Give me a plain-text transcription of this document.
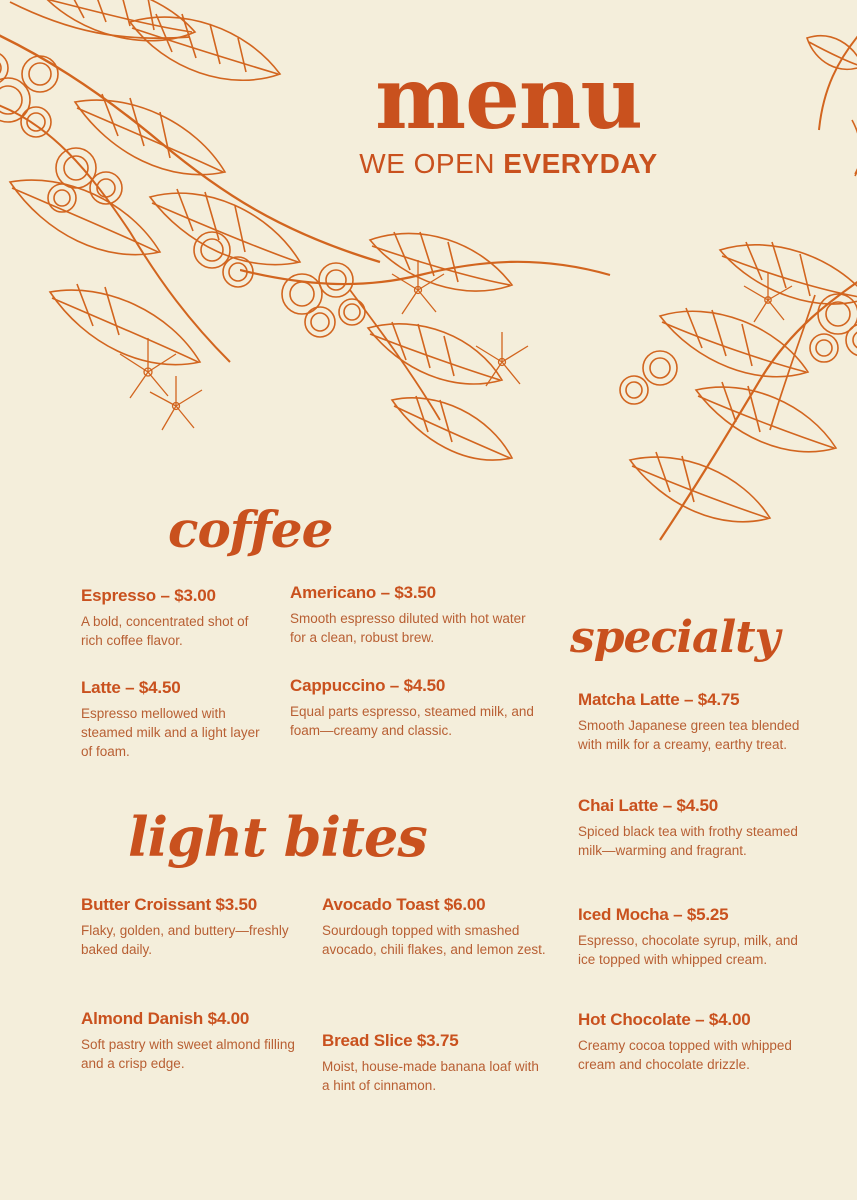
menu
WE OPEN EVERYDAY
coffee

Espresso – $3.00

A bold, concentrated shot of rich coffee flavor.

Latte – $4.50

Espresso mellowed with steamed milk and a light layer of foam.

Americano – $3.50

Smooth espresso diluted with hot water for a clean, robust brew.

Cappuccino – $4.50

Equal parts espresso, steamed milk, and foam—creamy and classic.

light bites

Butter Croissant $3.50

Flaky, golden, and buttery—freshly baked daily.

Almond Danish $4.00

Soft pastry with sweet almond filling and a crisp edge.

Avocado Toast $6.00

Sourdough topped with smashed avocado, chili flakes, and lemon zest.

Bread Slice $3.75

Moist, house-made banana loaf with a hint of cinnamon.

specialty

Matcha Latte – $4.75

Smooth Japanese green tea blended with milk for a creamy, earthy treat.

Chai Latte – $4.50

Spiced black tea with frothy steamed milk—warming and fragrant.

Iced Mocha – $5.25

Espresso, chocolate syrup, milk, and ice topped with whipped cream.

Hot Chocolate – $4.00

Creamy cocoa topped with whipped cream and chocolate drizzle.
